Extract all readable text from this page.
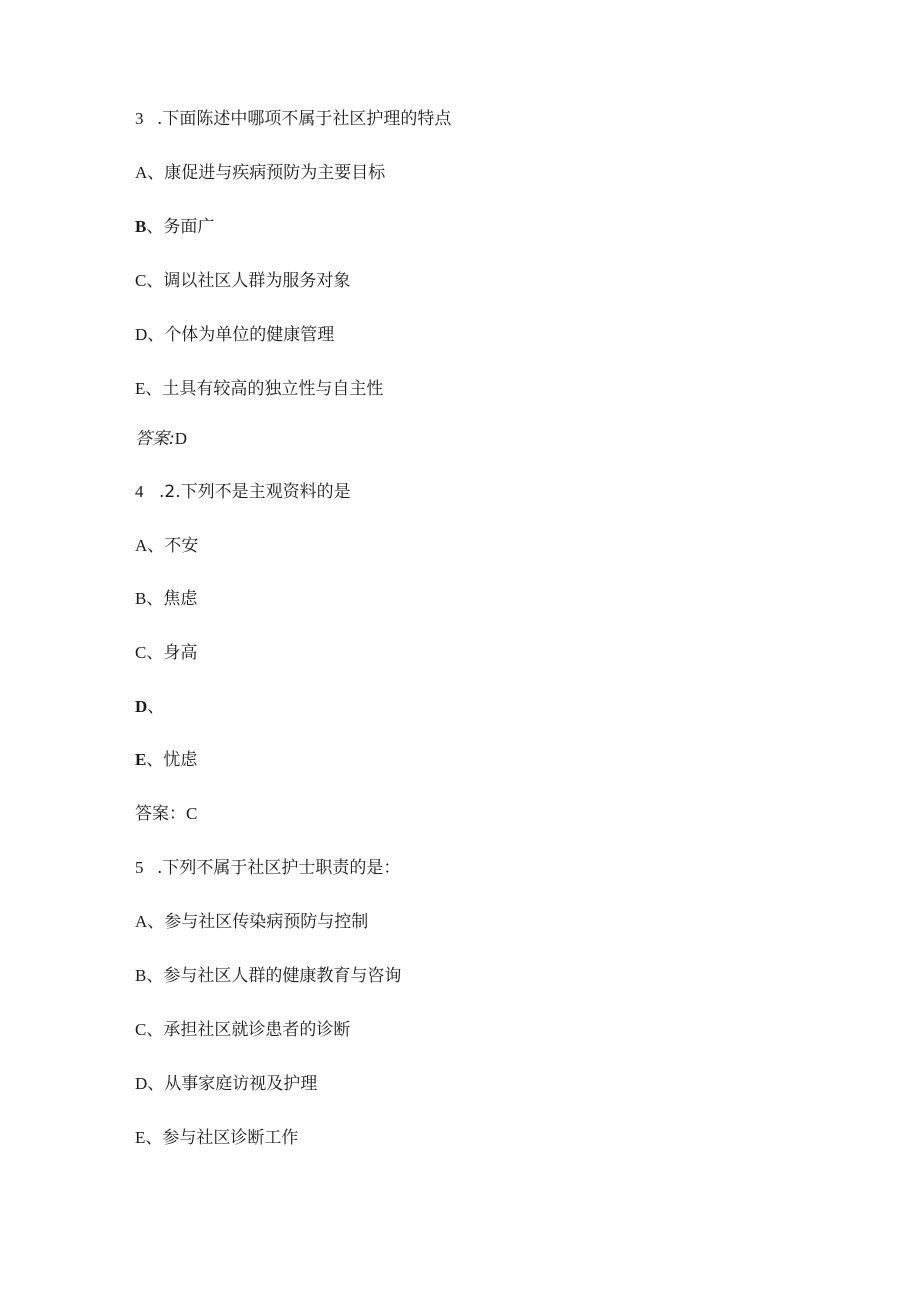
3 .下面陈述中哪项不属于社区护理的特点
A、康促进与疾病预防为主要目标
B、务面广
C、调以社区人群为服务对象
D、个体为单位的健康管理
E、土具有较高的独立性与自主性
答案:D
4 .2.下列不是主观资料的是
A、不安
B、焦虑
C、身高
D、
E、忧虑
答案：C
5 .下列不属于社区护士职责的是：
A、参与社区传染病预防与控制
B、参与社区人群的健康教育与咨询
C、承担社区就诊患者的诊断
D、从事家庭访视及护理
E、参与社区诊断工作
